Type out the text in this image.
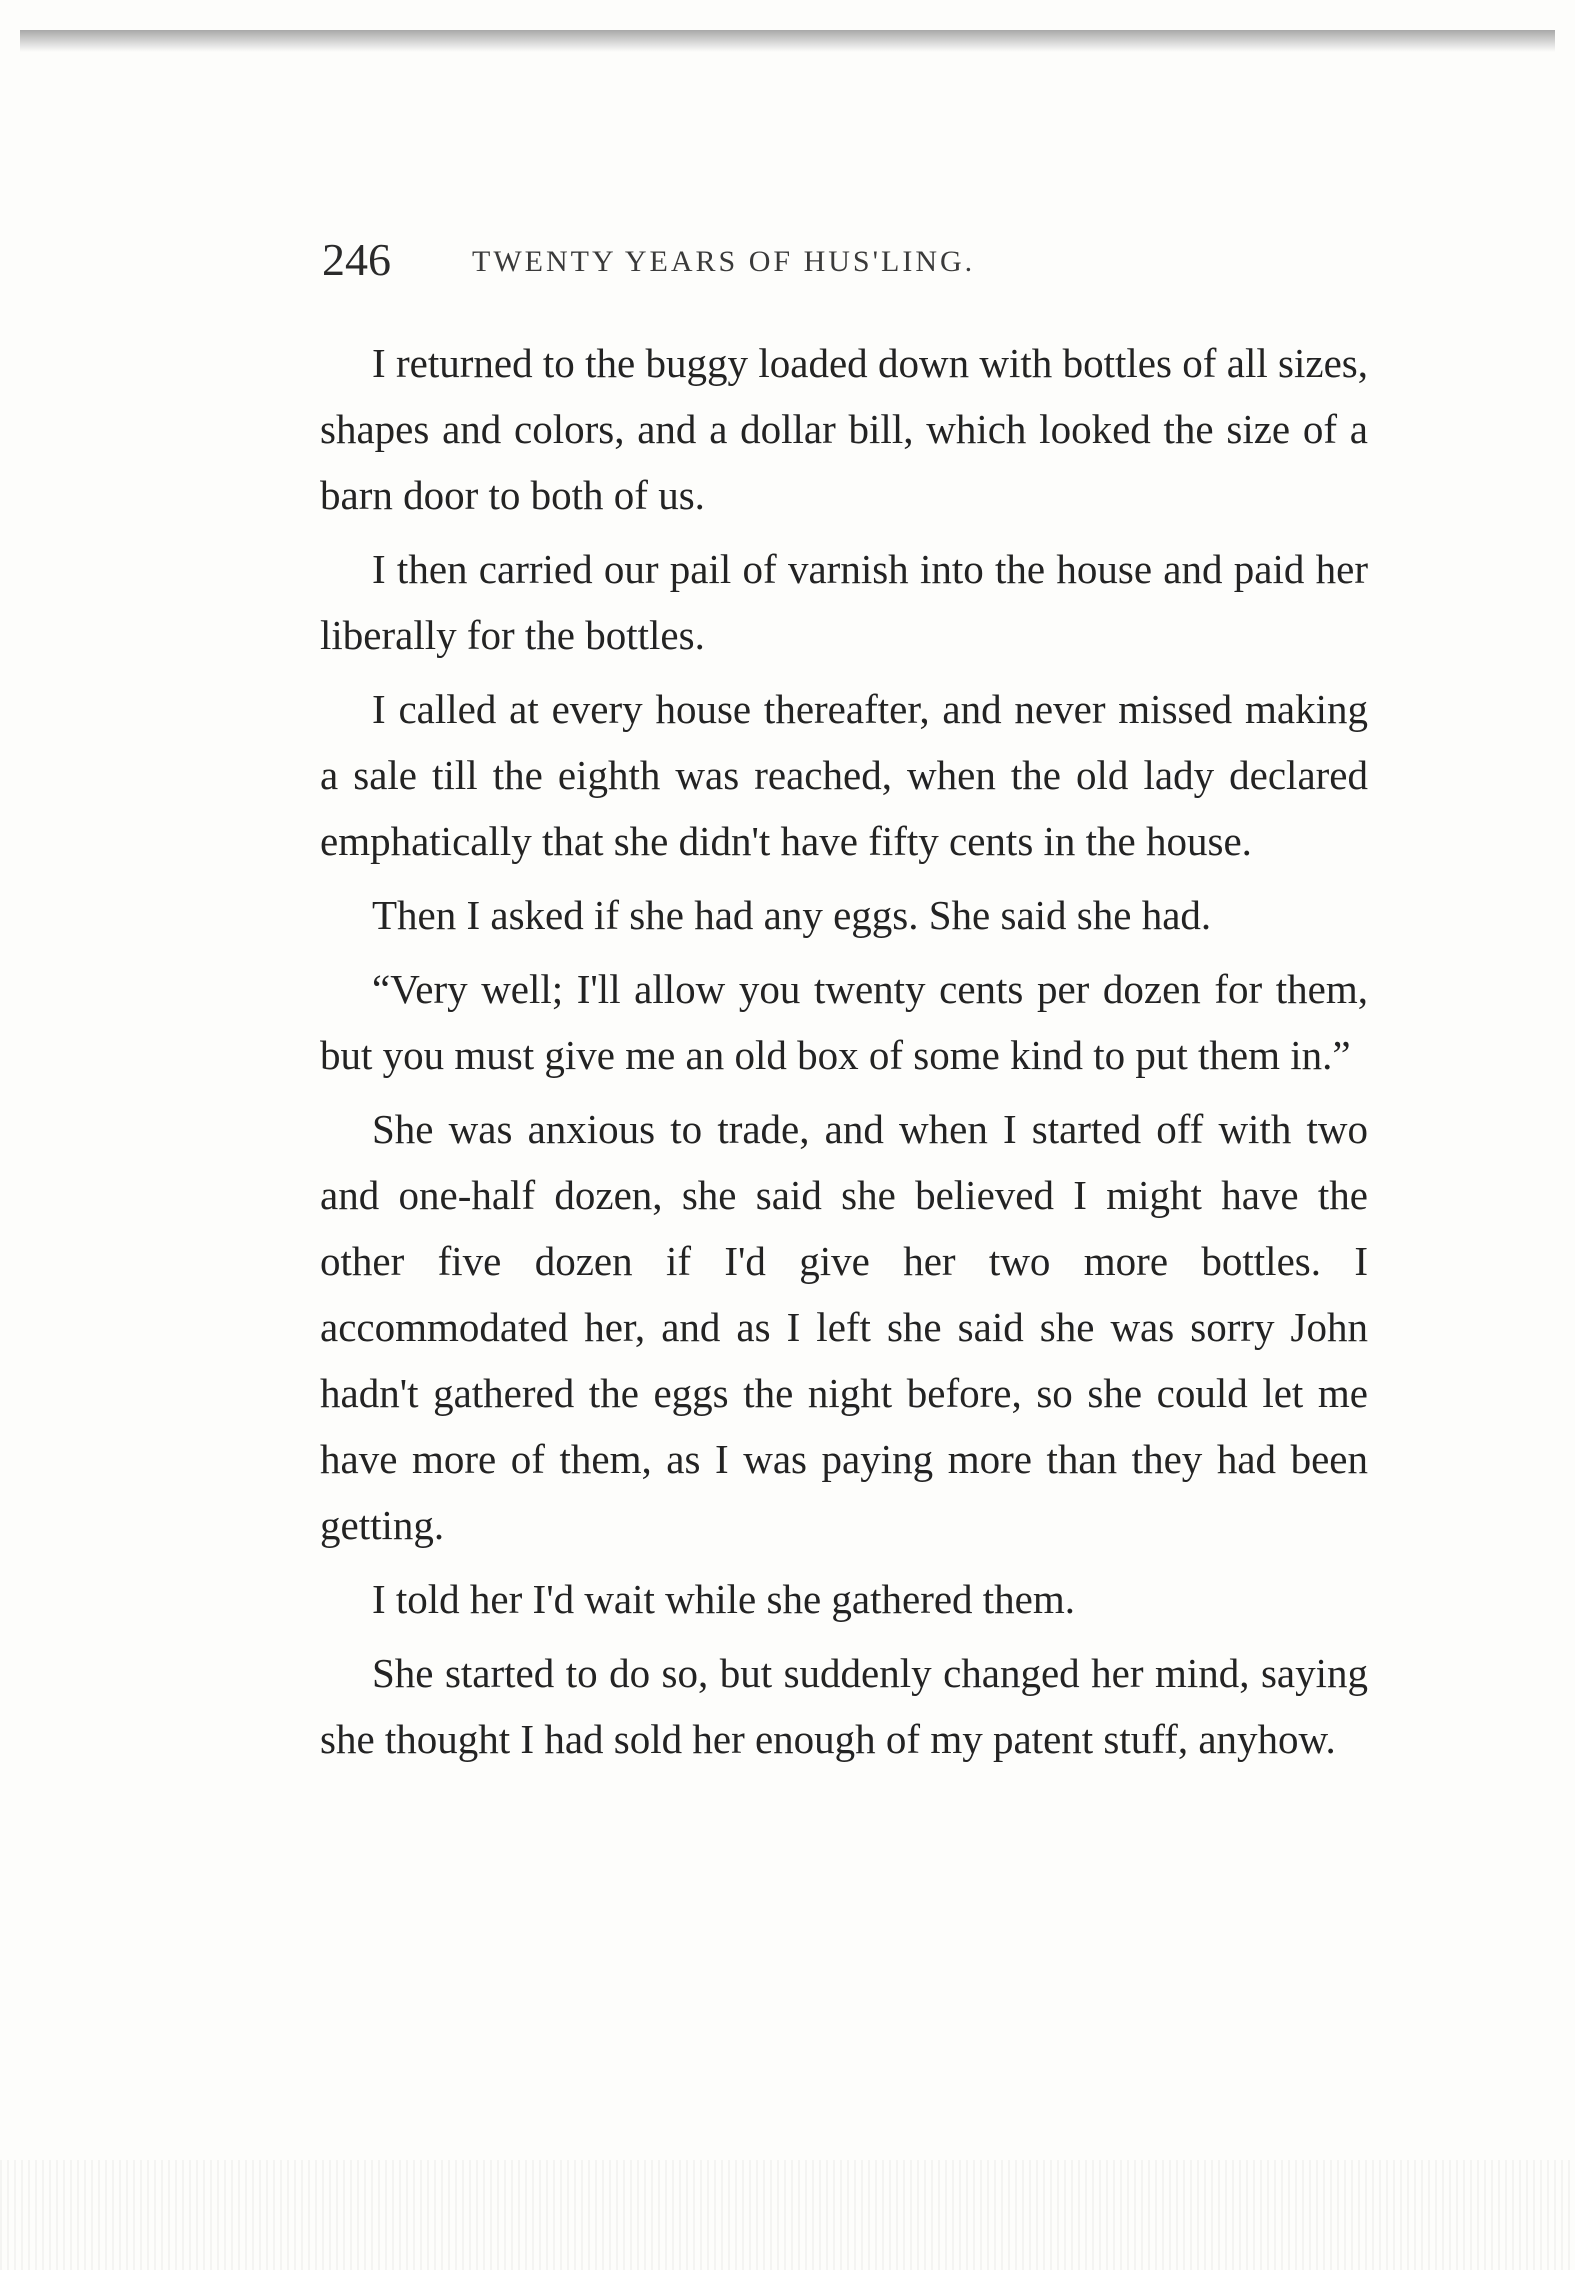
246	TWENTY YEARS OF HUS'LING.

I returned to the buggy loaded down with bottles of all sizes, shapes and colors, and a dollar bill, which looked the size of a barn door to both of us.

I then carried our pail of varnish into the house and paid her liberally for the bottles.

I called at every house thereafter, and never missed making a sale till the eighth was reached, when the old lady declared emphatically that she didn't have fifty cents in the house.

Then I asked if she had any eggs. She said she had.

“Very well; I'll allow you twenty cents per dozen for them, but you must give me an old box of some kind to put them in.”

She was anxious to trade, and when I started off with two and one-half dozen, she said she believed I might have the other five dozen if I'd give her two more bottles. I accommodated her, and as I left she said she was sorry John hadn't gathered the eggs the night before, so she could let me have more of them, as I was paying more than they had been getting.

I told her I'd wait while she gathered them.

She started to do so, but suddenly changed her mind, saying she thought I had sold her enough of my patent stuff, anyhow.
